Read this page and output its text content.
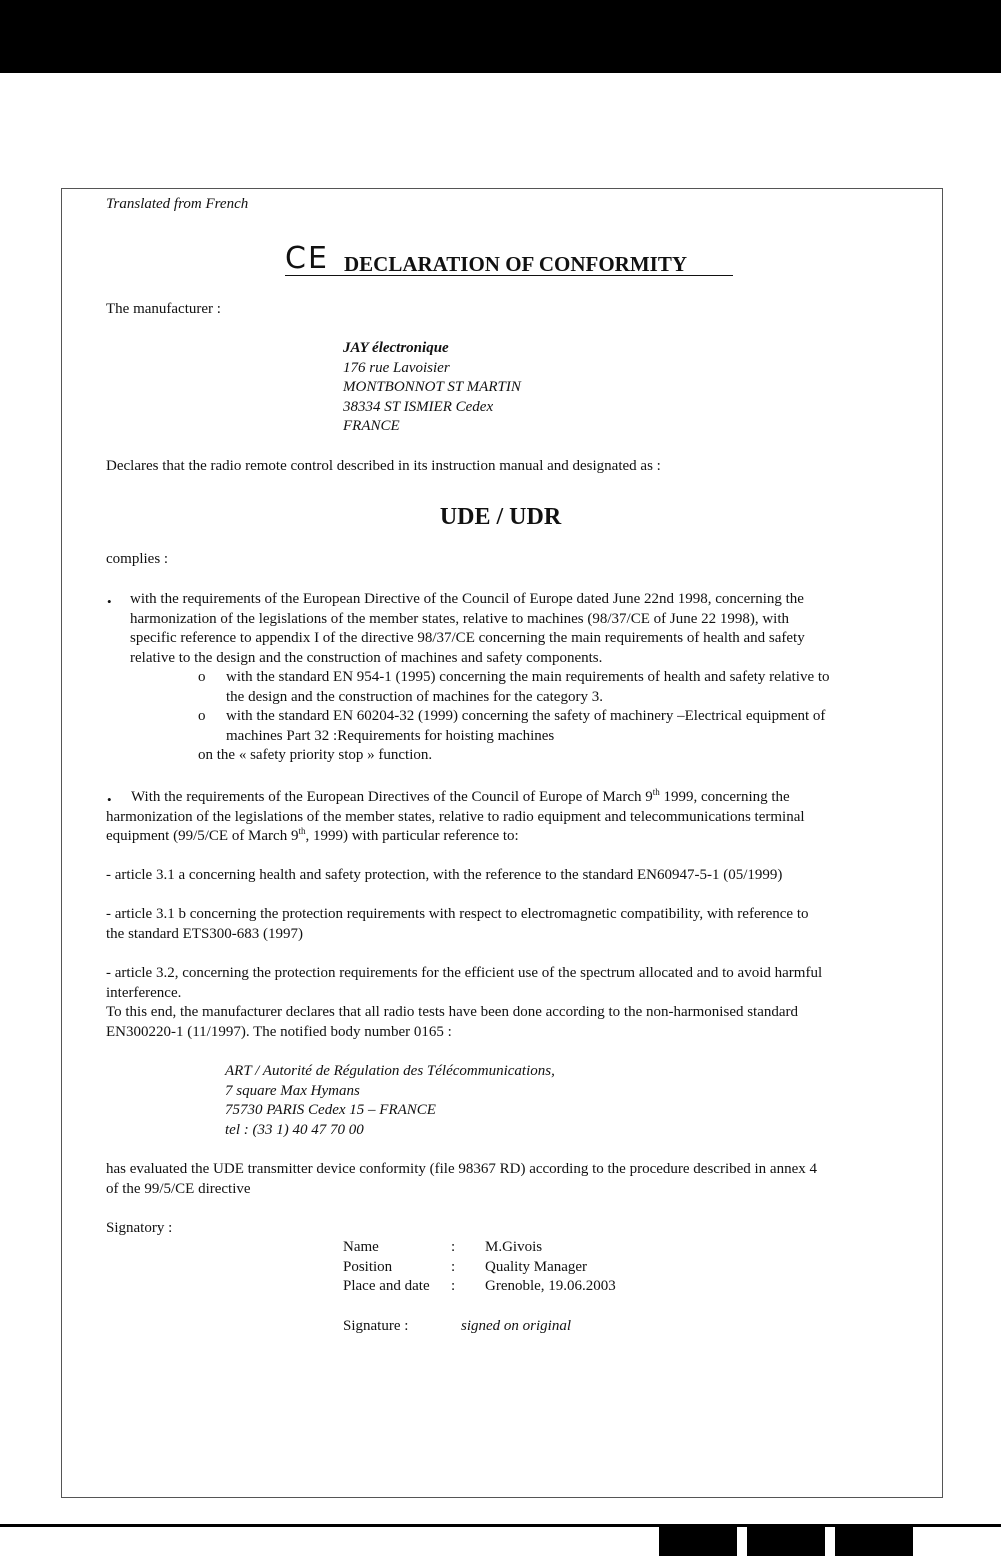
Translated from French
CE DECLARATION OF CONFORMITY
The manufacturer :
JAY électronique
176 rue Lavoisier
MONTBONNOT ST MARTIN
38334 ST ISMIER Cedex
FRANCE
Declares that the radio remote control described in its instruction manual and designated as :
UDE / UDR
complies :
• with the requirements of the European Directive of the Council of Europe dated June 22nd 1998, concerning the
harmonization of the legislations of the member states, relative to machines (98/37/CE of June 22 1998), with
specific reference to appendix I of the directive 98/37/CE concerning the main requirements of health and safety
relative to the design and the construction of machines and safety components.
o with the standard EN 954-1 (1995) concerning the main requirements of health and safety relative to
the design and the construction of machines for the category 3.
o with the standard EN 60204-32 (1999) concerning the safety of machinery –Electrical equipment of
machines Part 32 :Requirements for hoisting machines
on the « safety priority stop » function.
• With the requirements of the European Directives of the Council of Europe of March 9th 1999, concerning the
harmonization of the legislations of the member states, relative to radio equipment and telecommunications terminal
equipment (99/5/CE of March 9th, 1999) with particular reference to:
- article 3.1 a concerning health and safety protection, with the reference to the standard EN60947-5-1 (05/1999)
- article 3.1 b concerning the protection requirements with respect to electromagnetic compatibility, with reference to
the standard ETS300-683 (1997)
- article 3.2, concerning the protection requirements for the efficient use of the spectrum allocated and to avoid harmful
interference.
To this end, the manufacturer declares that all radio tests have been done according to the non-harmonised standard
EN300220-1 (11/1997). The notified body number 0165 :
ART / Autorité de Régulation des Télécommunications,
7 square Max Hymans
75730 PARIS Cedex 15 – FRANCE
tel : (33 1) 40 47 70 00
has evaluated the UDE transmitter device conformity (file 98367 RD) according to the procedure described in annex 4
of the 99/5/CE directive
Signatory :
Name	: M.Givois
Position	: Quality Manager
Place and date : Grenoble, 19.06.2003
Signature :	signed on original
